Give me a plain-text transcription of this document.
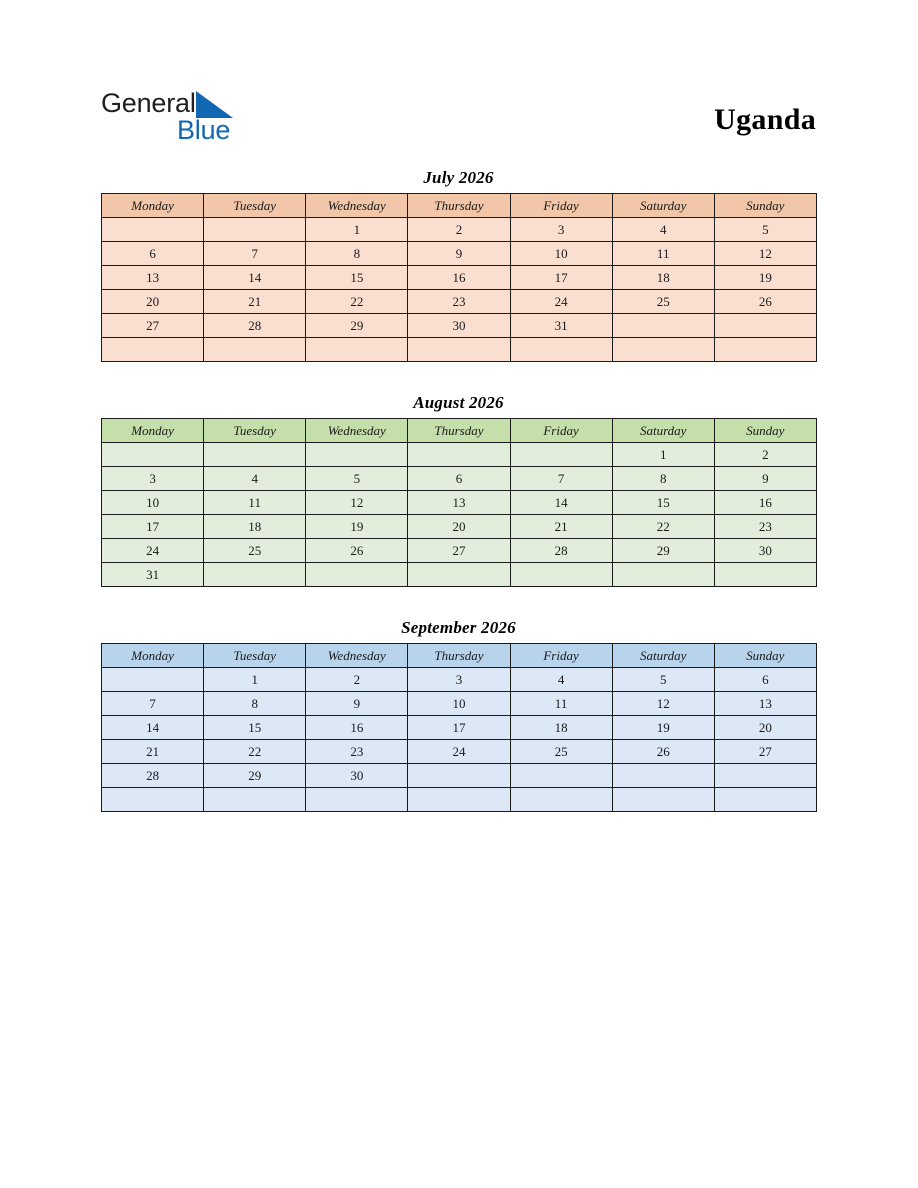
General
Blue	Uganda
July 2026
Monday	Tuesday	Wednesday	Thursday	Friday	Saturday	Sunday
		1	2	3	4	5
6	7	8	9	10	11	12
13	14	15	16	17	18	19
20	21	22	23	24	25	26
27	28	29	30	31		

August 2026
Monday	Tuesday	Wednesday	Thursday	Friday	Saturday	Sunday
					1	2
3	4	5	6	7	8	9
10	11	12	13	14	15	16
17	18	19	20	21	22	23
24	25	26	27	28	29	30
31						
September 2026
Monday	Tuesday	Wednesday	Thursday	Friday	Saturday	Sunday
	1	2	3	4	5	6
7	8	9	10	11	12	13
14	15	16	17	18	19	20
21	22	23	24	25	26	27
28	29	30				
